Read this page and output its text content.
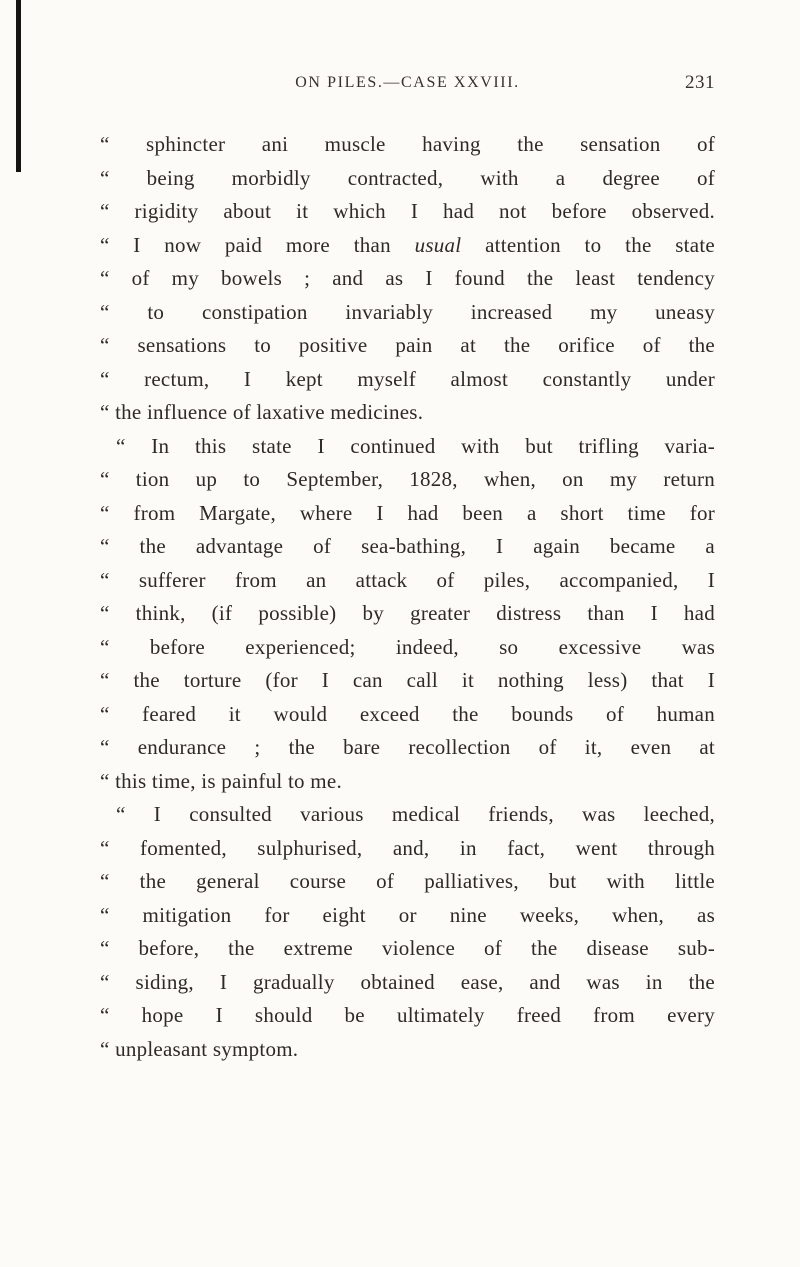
ON PILES.—CASE XXVIII.	231
“ sphincter ani muscle having the sensation of
“ being morbidly contracted, with a degree of
“ rigidity about it which I had not before observed.
“ I now paid more than usual attention to the state
“ of my bowels ; and as I found the least tendency
“ to constipation invariably increased my uneasy
“ sensations to positive pain at the orifice of the
“ rectum, I kept myself almost constantly under
“ the influence of laxative medicines.
“ In this state I continued with but trifling varia-
“ tion up to September, 1828, when, on my return
“ from Margate, where I had been a short time for
“ the advantage of sea-bathing, I again became a
“ sufferer from an attack of piles, accompanied, I
“ think, (if possible) by greater distress than I had
“ before experienced; indeed, so excessive was
“ the torture (for I can call it nothing less) that I
“ feared it would exceed the bounds of human
“ endurance ; the bare recollection of it, even at
“ this time, is painful to me.
“ I consulted various medical friends, was leeched,
“ fomented, sulphurised, and, in fact, went through
“ the general course of palliatives, but with little
“ mitigation for eight or nine weeks, when, as
“ before, the extreme violence of the disease sub-
“ siding, I gradually obtained ease, and was in the
“ hope I should be ultimately freed from every
“ unpleasant symptom.
